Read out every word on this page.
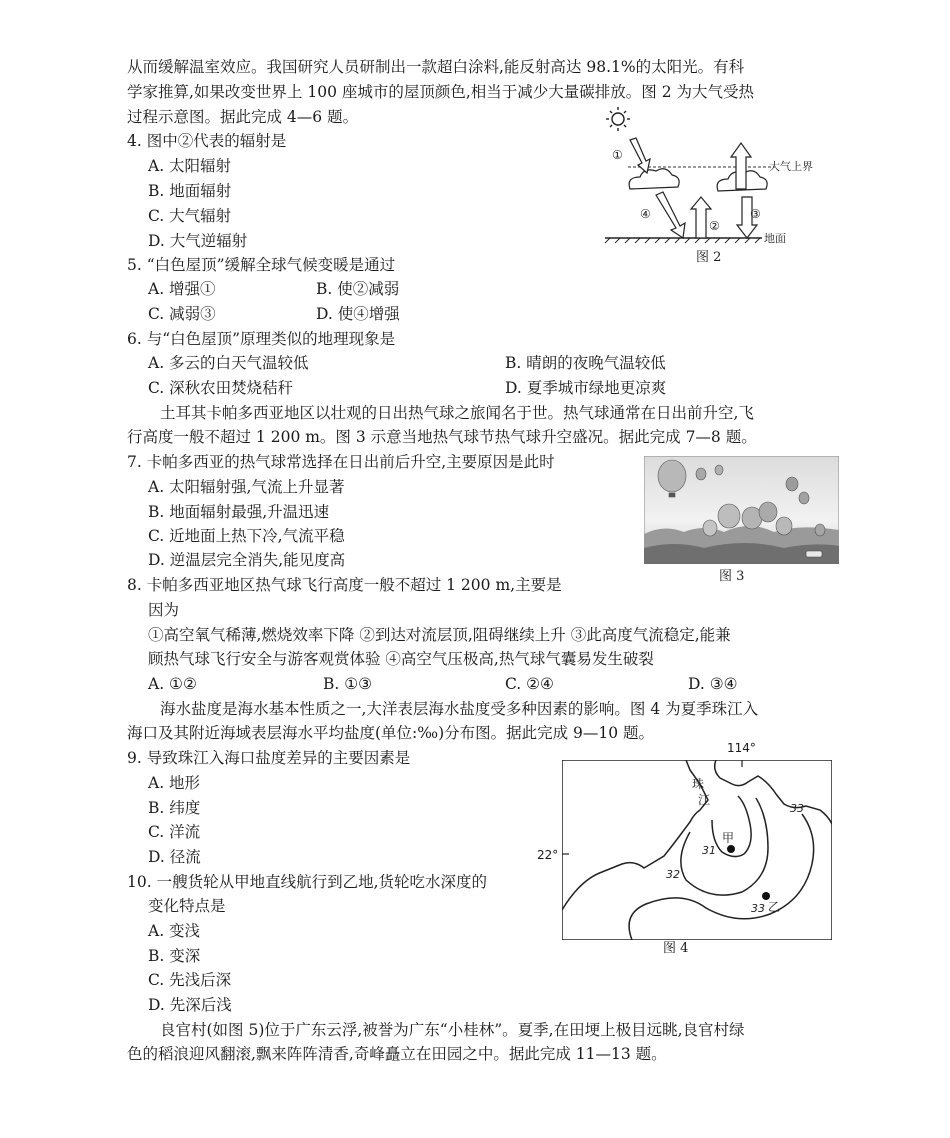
从而缓解温室效应。我国研究人员研制出一款超白涂料,能反射高达 98.1%的太阳光。有科
学家推算,如果改变世界上 100 座城市的屋顶颜色,相当于减少大量碳排放。图 2 为大气受热
过程示意图。据此完成 4—6 题。
4. 图中②代表的辐射是
A. 太阳辐射
B. 地面辐射
C. 大气辐射
D. 大气逆辐射
5. “白色屋顶”缓解全球气候变暖是通过
A. 增强①	B. 使②减弱
C. 减弱③	D. 使④增强
6. 与“白色屋顶”原理类似的地理现象是
A. 多云的白天气温较低	B. 晴朗的夜晚气温较低
C. 深秋农田焚烧秸秆	D. 夏季城市绿地更凉爽
土耳其卡帕多西亚地区以壮观的日出热气球之旅闻名于世。热气球通常在日出前升空,飞
行高度一般不超过 1 200 m。图 3 示意当地热气球节热气球升空盛况。据此完成 7—8 题。
7. 卡帕多西亚的热气球常选择在日出前后升空,主要原因是此时
A. 太阳辐射强,气流上升显著
B. 地面辐射最强,升温迅速
C. 近地面上热下冷,气流平稳
D. 逆温层完全消失,能见度高
8. 卡帕多西亚地区热气球飞行高度一般不超过 1 200 m,主要是
因为
①高空氧气稀薄,燃烧效率下降 ②到达对流层顶,阻碍继续上升 ③此高度气流稳定,能兼
顾热气球飞行安全与游客观赏体验 ④高空气压极高,热气球气囊易发生破裂
A. ①②	B. ①③	C. ②④	D. ③④
海水盐度是海水基本性质之一,大洋表层海水盐度受多种因素的影响。图 4 为夏季珠江入
海口及其附近海域表层海水平均盐度(单位:‰)分布图。据此完成 9—10 题。
9. 导致珠江入海口盐度差异的主要因素是
A. 地形
B. 纬度
C. 洋流
D. 径流
10. 一艘货轮从甲地直线航行到乙地,货轮吃水深度的
变化特点是
A. 变浅
B. 变深
C. 先浅后深
D. 先深后浅
良官村(如图 5)位于广东云浮,被誉为广东“小桂林”。夏季,在田埂上极目远眺,良官村绿
色的稻浪迎风翻滚,飘来阵阵清香,奇峰矗立在田园之中。据此完成 11—13 题。
大气上界
地面
①
④
②
③
图 2
图 3
114°
22°
甲
乙
31
32
33
33
珠
江
图 4
